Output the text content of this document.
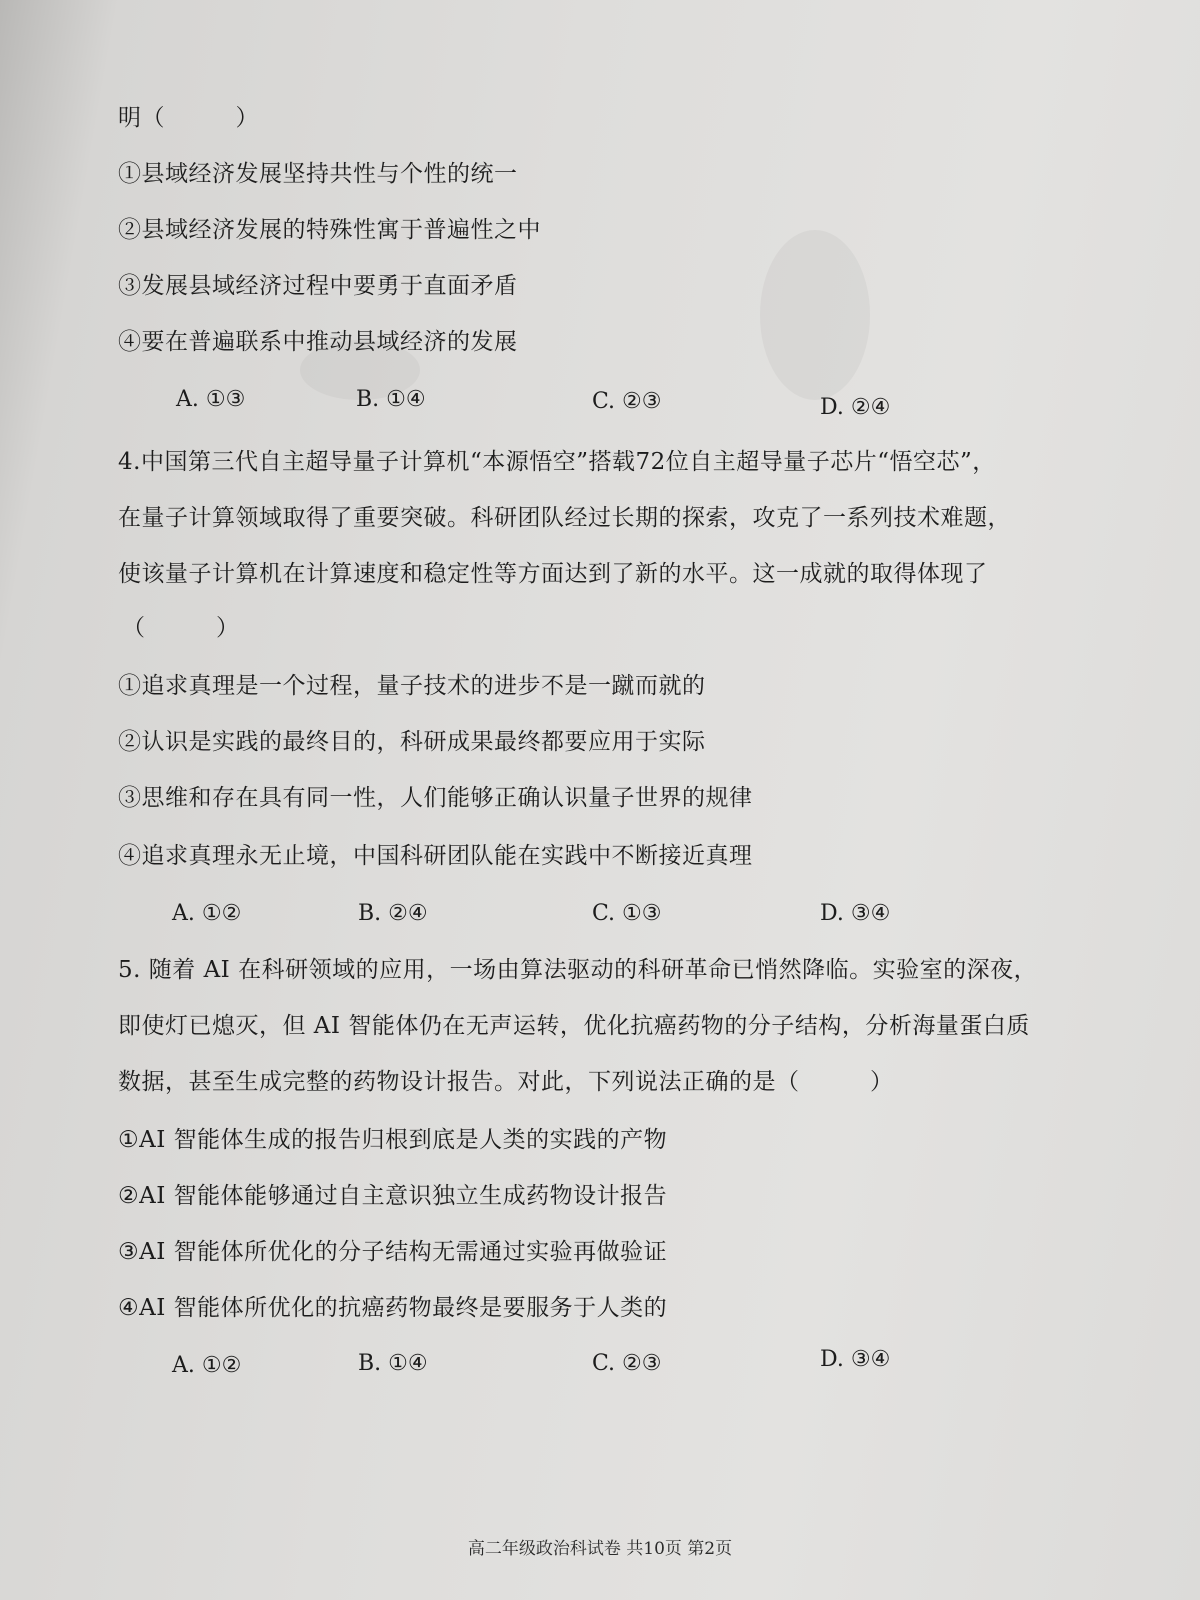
明（　　　）
①县域经济发展坚持共性与个性的统一
②县域经济发展的特殊性寓于普遍性之中
③发展县域经济过程中要勇于直面矛盾
④要在普遍联系中推动县域经济的发展
A. ①③	B. ①④	C. ②③	D. ②④
4.中国第三代自主超导量子计算机“本源悟空”搭载72位自主超导量子芯片“悟空芯”，
在量子计算领域取得了重要突破。科研团队经过长期的探索，攻克了一系列技术难题，
使该量子计算机在计算速度和稳定性等方面达到了新的水平。这一成就的取得体现了
（　　　）
①追求真理是一个过程，量子技术的进步不是一蹴而就的
②认识是实践的最终目的，科研成果最终都要应用于实际
③思维和存在具有同一性，人们能够正确认识量子世界的规律
④追求真理永无止境，中国科研团队能在实践中不断接近真理
A. ①②	B. ②④	C. ①③	D. ③④
5. 随着 AI 在科研领域的应用，一场由算法驱动的科研革命已悄然降临。实验室的深夜，
即使灯已熄灭，但 AI 智能体仍在无声运转，优化抗癌药物的分子结构，分析海量蛋白质
数据，甚至生成完整的药物设计报告。对此，下列说法正确的是（　　　）
①AI 智能体生成的报告归根到底是人类的实践的产物
②AI 智能体能够通过自主意识独立生成药物设计报告
③AI 智能体所优化的分子结构无需通过实验再做验证
④AI 智能体所优化的抗癌药物最终是要服务于人类的
A. ①②	B. ①④	C. ②③	D. ③④
高二年级政治科试卷 共10页 第2页
